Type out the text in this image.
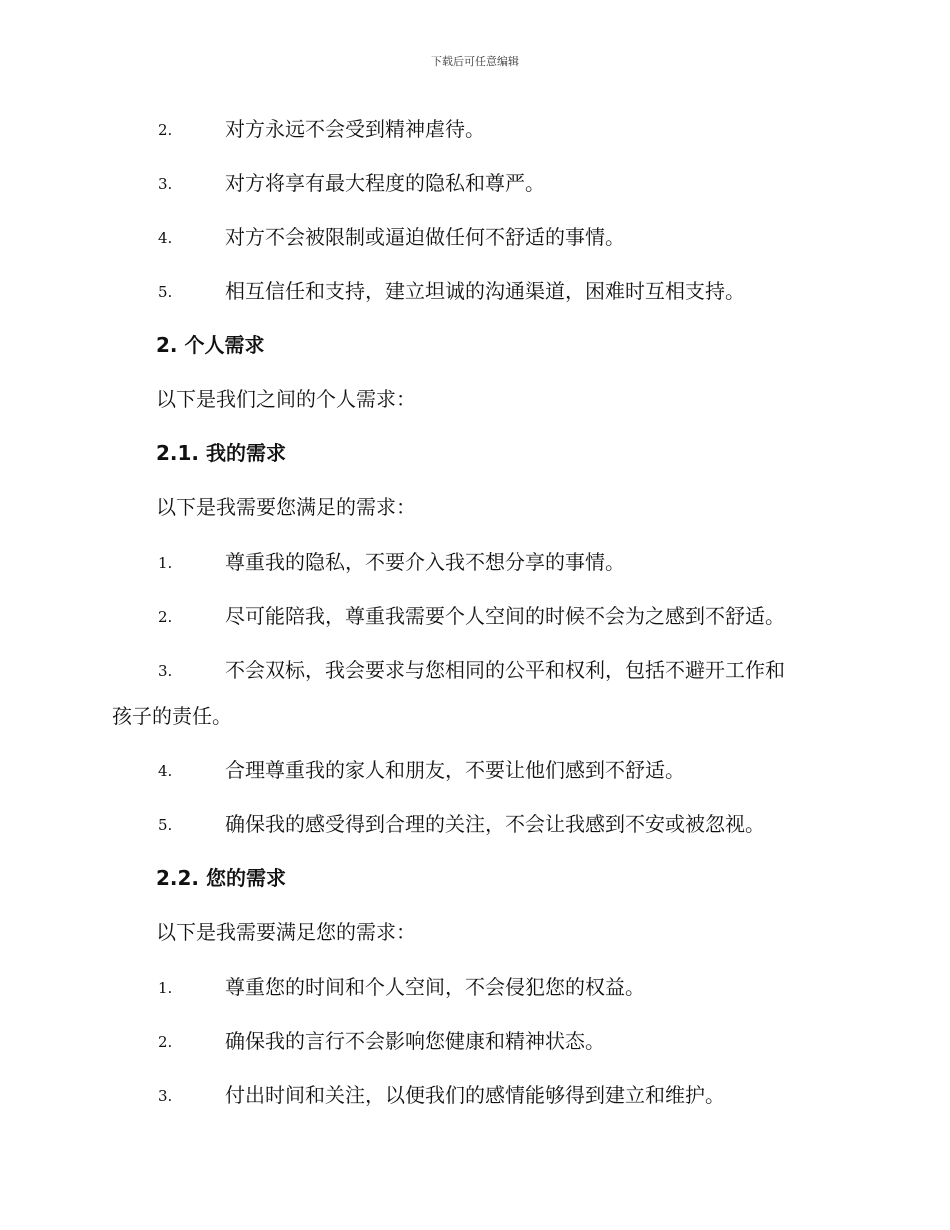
下载后可任意编辑
2.	对方永远不会受到精神虐待。
3.	对方将享有最大程度的隐私和尊严。
4.	对方不会被限制或逼迫做任何不舒适的事情。
5.	相互信任和支持，建立坦诚的沟通渠道，困难时互相支持。
2. 个人需求
以下是我们之间的个人需求：
2.1. 我的需求
以下是我需要您满足的需求：
1.	尊重我的隐私，不要介入我不想分享的事情。
2.	尽可能陪我，尊重我需要个人空间的时候不会为之感到不舒适。
3.	不会双标，我会要求与您相同的公平和权利，包括不避开工作和
孩子的责任。
4.	合理尊重我的家人和朋友，不要让他们感到不舒适。
5.	确保我的感受得到合理的关注，不会让我感到不安或被忽视。
2.2. 您的需求
以下是我需要满足您的需求：
1.	尊重您的时间和个人空间，不会侵犯您的权益。
2.	确保我的言行不会影响您健康和精神状态。
3.	付出时间和关注，以便我们的感情能够得到建立和维护。
